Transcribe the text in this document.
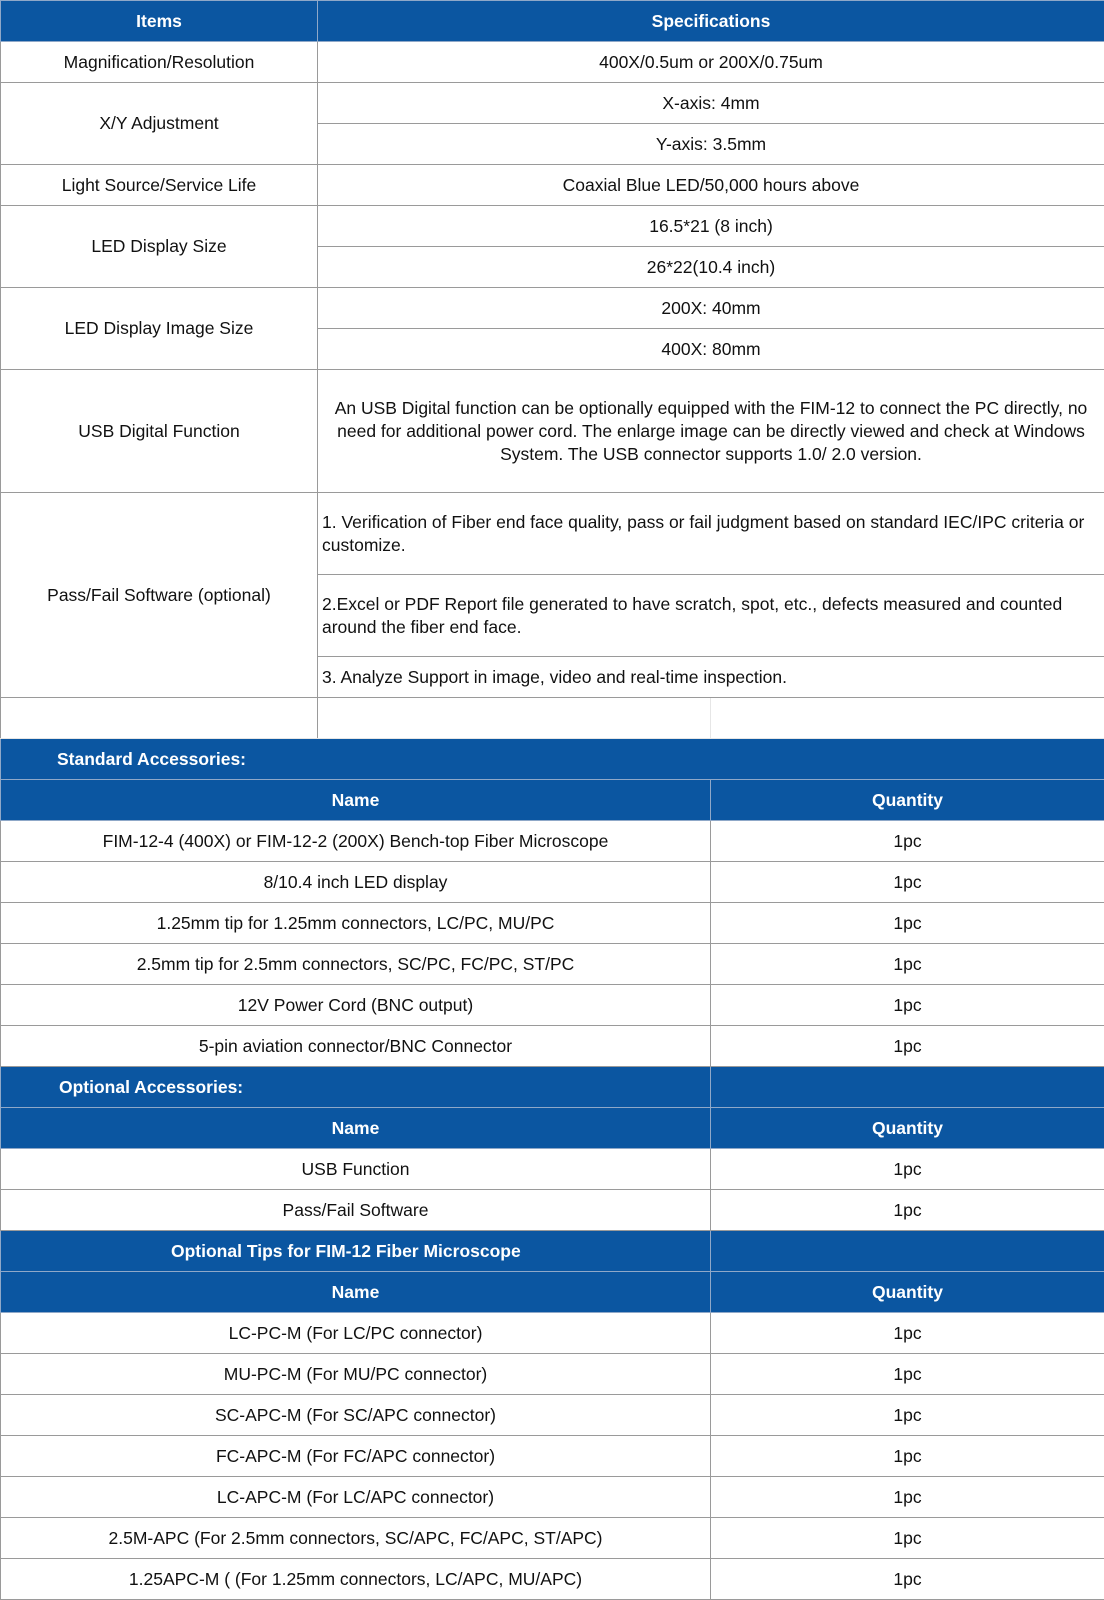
Items	Specifications	
Magnification/Resolution	400X/0.5um or 200X/0.75um	
X/Y Adjustment	X-axis: 4mm	
	Y-axis: 3.5mm	
Light Source/Service Life	Coaxial Blue LED/50,000 hours above	
LED Display Size	16.5*21 (8 inch)	
	26*22(10.4 inch)	
LED Display Image Size	200X: 40mm	
	400X: 80mm	
USB Digital Function	An USB Digital function can be optionally equipped with the FIM-12 to connect the PC directly, no need for additional power cord. The enlarge image can be directly viewed and check at Windows System. The USB connector supports 1.0/ 2.0 version.	
Pass/Fail Software (optional)	1. Verification of Fiber end face quality, pass or fail judgment based on standard IEC/IPC criteria or customize.	
	2.Excel or PDF Report file generated to have scratch, spot, etc., defects measured and counted around the fiber end face.	
	3. Analyze Support in image, video and real-time inspection.	

Standard Accessories:		
Name		Quantity
FIM-12-4 (400X) or FIM-12-2 (200X) Bench-top Fiber Microscope		1pc
8/10.4 inch LED display		1pc
1.25mm tip for 1.25mm connectors, LC/PC, MU/PC		1pc
2.5mm tip for 2.5mm connectors, SC/PC, FC/PC, ST/PC		1pc
12V Power Cord (BNC output)		1pc
5-pin aviation connector/BNC Connector		1pc
Optional Accessories:		
Name		Quantity
USB Function		1pc
Pass/Fail Software		1pc
Optional Tips for FIM-12 Fiber Microscope		
Name		Quantity
LC-PC-M (For LC/PC connector)		1pc
MU-PC-M (For MU/PC connector)		1pc
SC-APC-M (For SC/APC connector)		1pc
FC-APC-M (For FC/APC connector)		1pc
LC-APC-M (For LC/APC connector)		1pc
2.5M-APC (For 2.5mm connectors, SC/APC, FC/APC, ST/APC)		1pc
1.25APC-M ( (For 1.25mm connectors, LC/APC, MU/APC)		1pc
